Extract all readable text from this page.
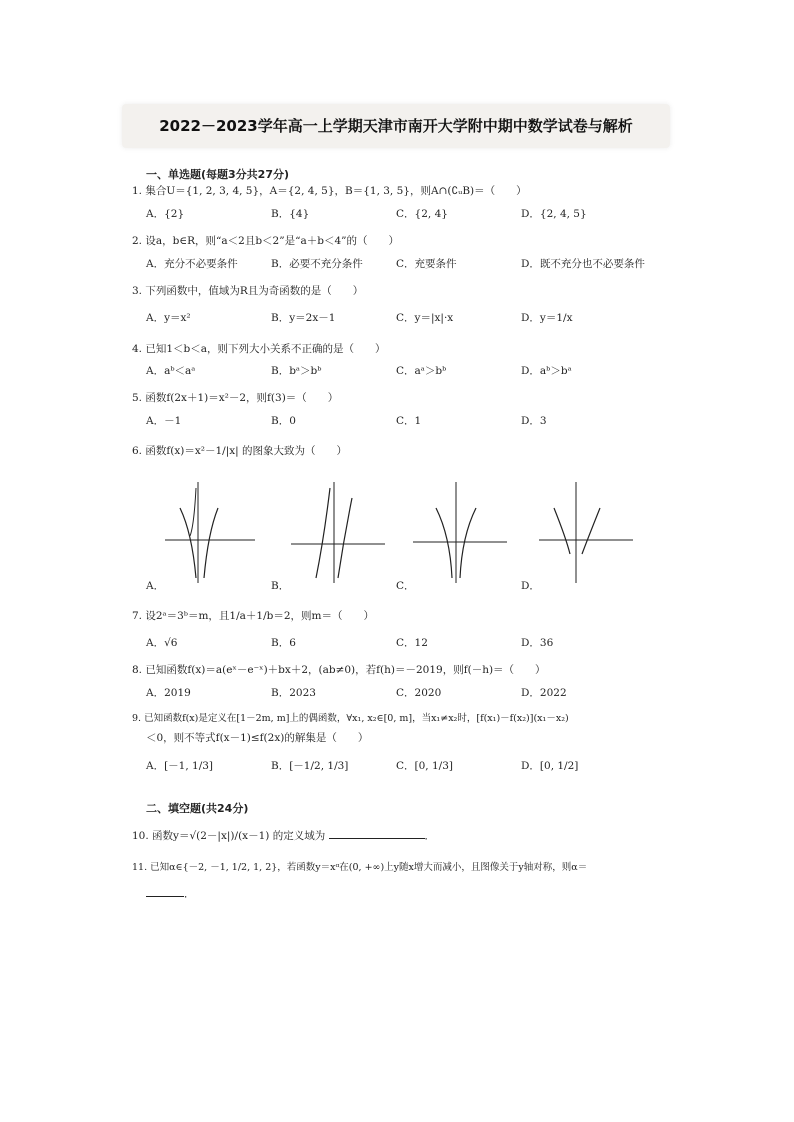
2022－2023学年高一上学期天津市南开大学附中期中数学试卷与解析
一、单选题(每题3分共27分)
1. 集合U＝{1, 2, 3, 4, 5}，A＝{2, 4, 5}，B＝{1, 3, 5}，则A∩(∁ᵤB)＝（　　）
A．{2}	B．{4}	C．{2, 4}	D．{2, 4, 5}
2. 设a，b∈R，则“a＜2且b＜2”是“a＋b＜4”的（　　）
A．充分不必要条件	B．必要不充分条件	C．充要条件	D．既不充分也不必要条件
3. 下列函数中，值域为R且为奇函数的是（　　）
A．y＝x²	B．y＝2x－1	C．y＝|x|·x	D．y＝1/x
4. 已知1＜b＜a，则下列大小关系不正确的是（　　）
A．aᵇ＜aᵃ	B．bᵃ＞bᵇ	C．aᵃ＞bᵇ	D．aᵇ＞bᵃ
5. 函数f(2x＋1)＝x²－2，则f(3)＝（　　）
A．－1	B．0	C．1	D．3
6. 函数f(x)＝x²－1/|x| 的图象大致为（　　）
A．	B．	C．	D．
7. 设2ᵃ＝3ᵇ＝m，且1/a＋1/b＝2，则m＝（　　）
A．√6	B．6	C．12	D．36
8. 已知函数f(x)＝a(eˣ－e⁻ˣ)＋bx＋2，(ab≠0)，若f(h)＝－2019，则f(－h)＝（　　）
A．2019	B．2023	C．2020	D．2022
9. 已知函数f(x)是定义在[1－2m, m]上的偶函数，∀x₁, x₂∈[0, m]，当x₁≠x₂时，[f(x₁)－f(x₂)](x₁－x₂)
＜0，则不等式f(x－1)≤f(2x)的解集是（　　）
A．[－1, 1/3]	B．[－1/2, 1/3]	C．[0, 1/3]	D．[0, 1/2]
二、填空题(共24分)
10. 函数y＝√(2－|x|)/(x－1) 的定义域为	．
11. 已知α∈{－2, －1, 1/2, 1, 2}，若函数y＝xᵅ在(0, +∞)上y随x增大而减小，且图像关于y轴对称，则α＝
．
